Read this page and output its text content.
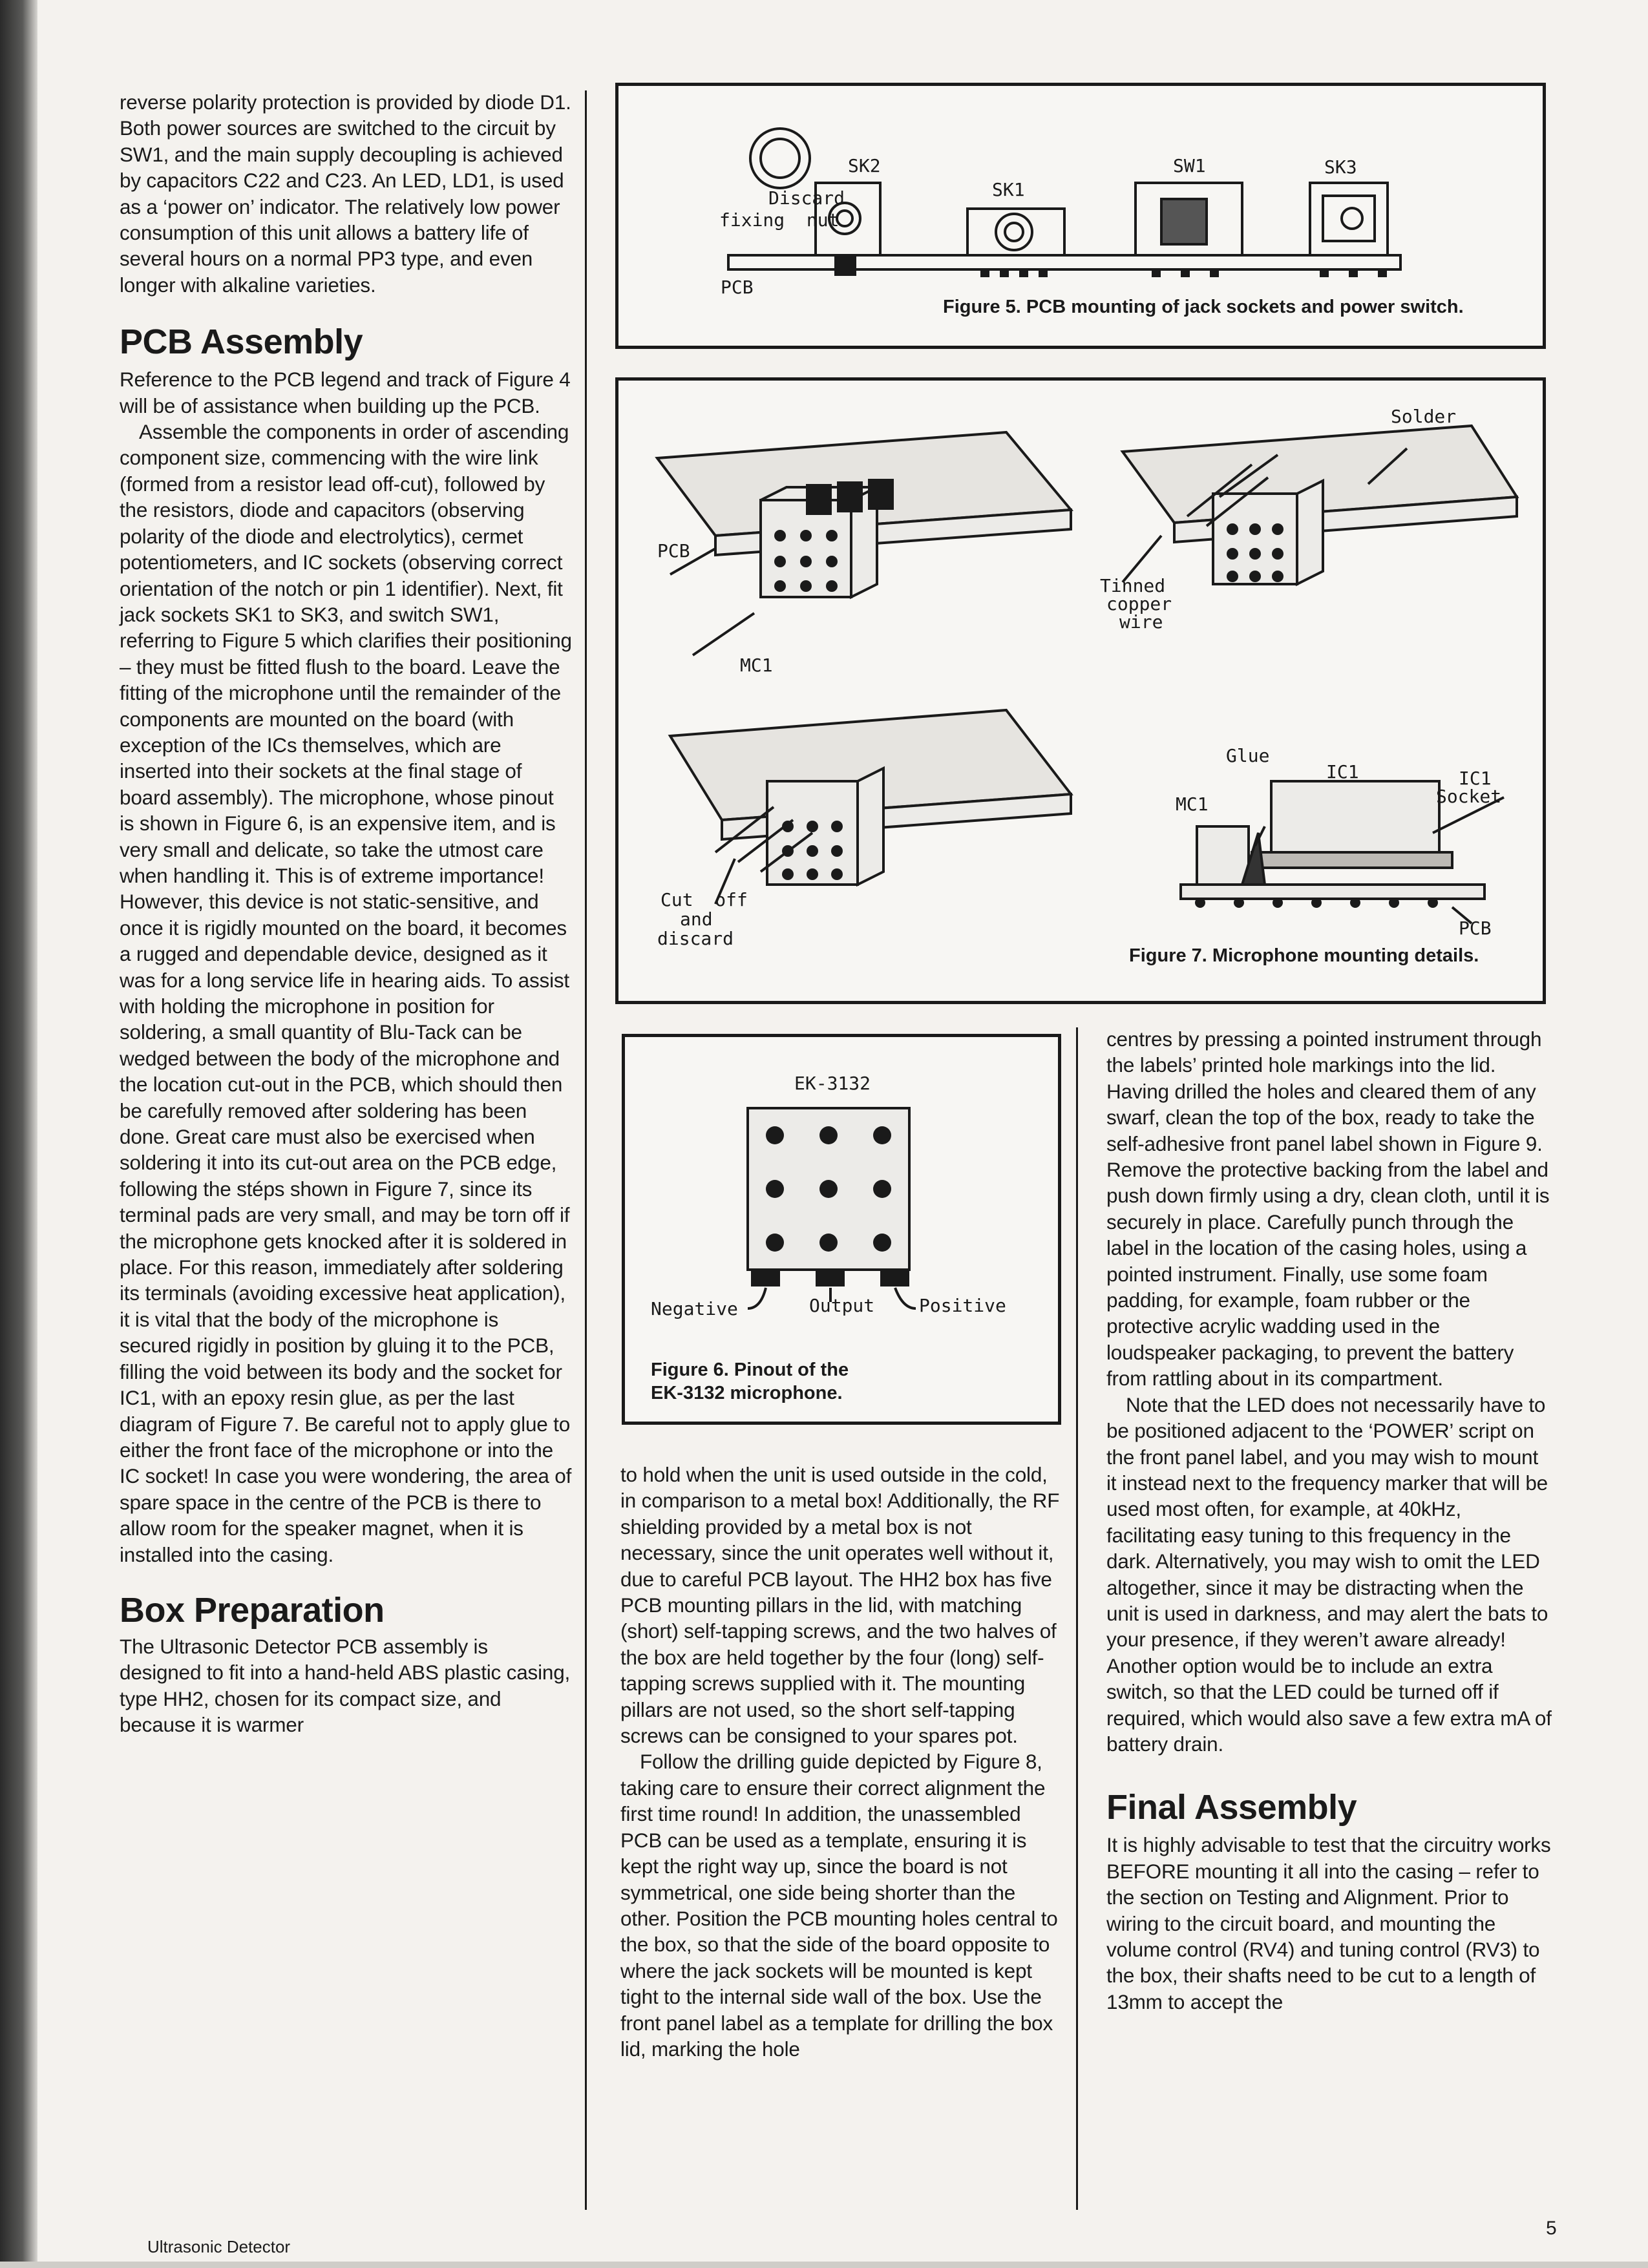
reverse polarity protection is provided by diode D1. Both power sources are switched to the circuit by SW1, and the main supply decoupling is achieved by capacitors C22 and C23. An LED, LD1, is used as a ‘power on’ indicator. The relatively low power consumption of this unit allows a battery life of several hours on a normal PP3 type, and even longer with alkaline varieties.

PCB Assembly

Reference to the PCB legend and track of Figure 4 will be of assistance when building up the PCB.

Assemble the components in order of ascending component size, commencing with the wire link (formed from a resistor lead off-cut), followed by the resistors, diode and capacitors (observing polarity of the diode and electrolytics), cermet potentiometers, and IC sockets (observing correct orientation of the notch or pin 1 identifier). Next, fit jack sockets SK1 to SK3, and switch SW1, referring to Figure 5 which clarifies their positioning – they must be fitted flush to the board. Leave the fitting of the microphone until the remainder of the components are mounted on the board (with exception of the ICs themselves, which are inserted into their sockets at the final stage of board assembly). The microphone, whose pinout is shown in Figure 6, is an expensive item, and is very small and delicate, so take the utmost care when handling it. This is of extreme importance! However, this device is not static-sensitive, and once it is rigidly mounted on the board, it becomes a rugged and dependable device, designed as it was for a long service life in hearing aids. To assist with holding the microphone in position for soldering, a small quantity of Blu-Tack can be wedged between the body of the microphone and the location cut-out in the PCB, which should then be carefully removed after soldering has been done. Great care must also be exercised when soldering it into its cut-out area on the PCB edge, following the stéps shown in Figure 7, since its terminal pads are very small, and may be torn off if the microphone gets knocked after it is soldered in place. For this reason, immediately after soldering its terminals (avoiding excessive heat application), it is vital that the body of the microphone is secured rigidly in position by gluing it to the PCB, filling the void between its body and the socket for IC1, with an epoxy resin glue, as per the last diagram of Figure 7. Be careful not to apply glue to either the front face of the microphone or into the IC socket! In case you were wondering, the area of spare space in the centre of the PCB is there to allow room for the speaker magnet, when it is installed into the casing.

Box Preparation

The Ultrasonic Detector PCB assembly is designed to fit into a hand-held ABS plastic casing, type HH2, chosen for its compact size, and because it is warmer

SK2
SK1
SW1	SK3
Discard
fixing  nut
PCB
Figure 5. PCB mounting of jack sockets and power switch.
Solder
PCB
Tinned
copper
wire
MC1
Glue
IC1	IC1
Socket
MC1
PCB
Cut  off
and
discard
Figure 7. Microphone mounting details.
EK-3132
Negative	Output Positive
Figure 6. Pinout of the
EK-3132 microphone.

to hold when the unit is used outside in the cold, in comparison to a metal box! Additionally, the RF shielding provided by a metal box is not necessary, since the unit operates well without it, due to careful PCB layout. The HH2 box has five PCB mounting pillars in the lid, with matching (short) self-tapping screws, and the two halves of the box are held together by the four (long) self-tapping screws supplied with it. The mounting pillars are not used, so the short self-tapping screws can be consigned to your spares pot.

Follow the drilling guide depicted by Figure 8, taking care to ensure their correct alignment the first time round! In addition, the unassembled PCB can be used as a template, ensuring it is kept the right way up, since the board is not symmetrical, one side being shorter than the other. Position the PCB mounting holes central to the box, so that the side of the board opposite to where the jack sockets will be mounted is kept tight to the internal side wall of the box. Use the front panel label as a template for drilling the box lid, marking the hole

centres by pressing a pointed instrument through the labels’ printed hole markings into the lid. Having drilled the holes and cleared them of any swarf, clean the top of the box, ready to take the self-adhesive front panel label shown in Figure 9. Remove the protective backing from the label and push down firmly using a dry, clean cloth, until it is securely in place. Carefully punch through the label in the location of the casing holes, using a pointed instrument. Finally, use some foam padding, for example, foam rubber or the protective acrylic wadding used in the loudspeaker packaging, to prevent the battery from rattling about in its compartment.

Note that the LED does not necessarily have to be positioned adjacent to the ‘POWER’ script on the front panel label, and you may wish to mount it instead next to the frequency marker that will be used most often, for example, at 40kHz, facilitating easy tuning to this frequency in the dark. Alternatively, you may wish to omit the LED altogether, since it may be distracting when the unit is used in darkness, and may alert the bats to your presence, if they weren’t aware already! Another option would be to include an extra switch, so that the LED could be turned off if required, which would also save a few extra mA of battery drain.

Final Assembly

It is highly advisable to test that the circuitry works BEFORE mounting it all into the casing – refer to the section on Testing and Alignment. Prior to wiring to the circuit board, and mounting the volume control (RV4) and tuning control (RV3) to the box, their shafts need to be cut to a length of 13mm to accept the

Ultrasonic Detector
5
